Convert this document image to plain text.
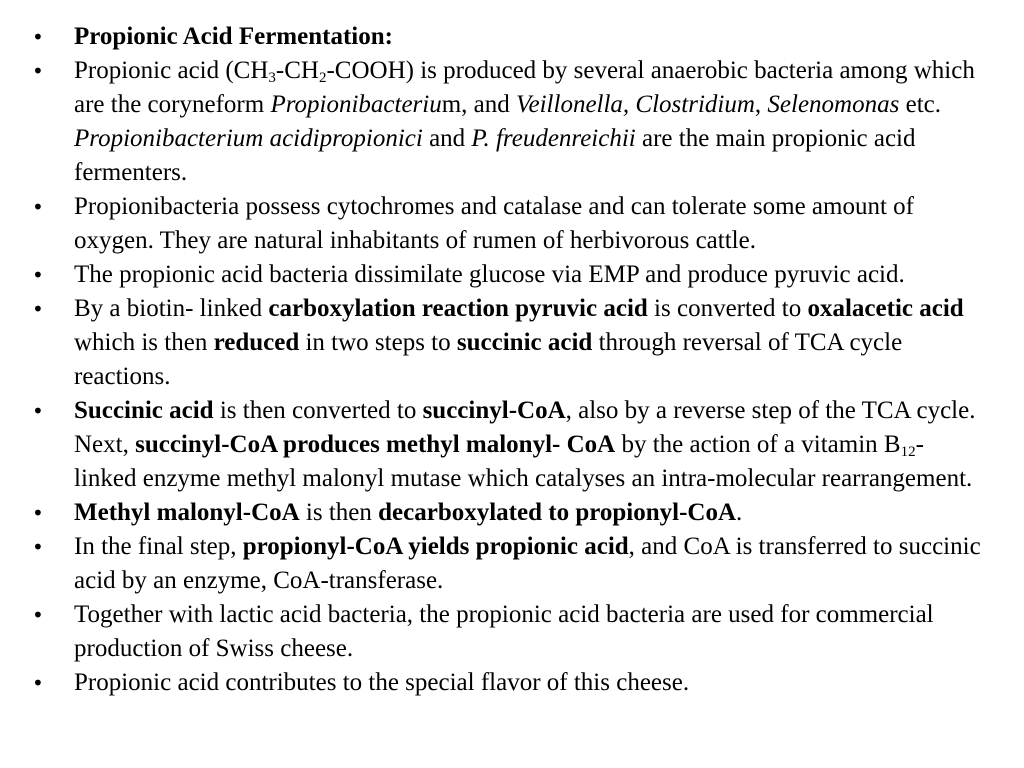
• Propionic Acid Fermentation:
• Propionic acid $(CH_3-CH_2-COOH)$ is produced by several anaerobic bacteria among which are the coryneform Propionibacterium, and Veillonella, Clostridium, Selenomonas etc. Propionibacterium acidipropionici and P. freudenreichii are the main propionic acid fermenters.
• Propionibacteria possess cytochromes and catalase and can tolerate some amount of oxygen. They are natural inhabitants of rumen of herbivorous cattle.
• The propionic acid bacteria dissimilate glucose via EMP and produce pyruvic acid.
• By a biotin- linked carboxylation reaction pyruvic acid is converted to oxalacetic acid which is then reduced in two steps to succinic acid through reversal of TCA cycle reactions.
• Succinic acid is then converted to succinyl-CoA, also by a reverse step of the TCA cycle. Next, succinyl-CoA produces methyl malonyl- CoA by the action of a vitamin $B_{12}$-linked enzyme methyl malonyl mutase which catalyses an intra-molecular rearrangement.
• Methyl malonyl-CoA is then decarboxylated to propionyl-CoA.
• In the final step, propionyl-CoA yields propionic acid, and CoA is transferred to succinic acid by an enzyme, CoA-transferase.
• Together with lactic acid bacteria, the propionic acid bacteria are used for commercial production of Swiss cheese.
• Propionic acid contributes to the special flavor of this cheese.
